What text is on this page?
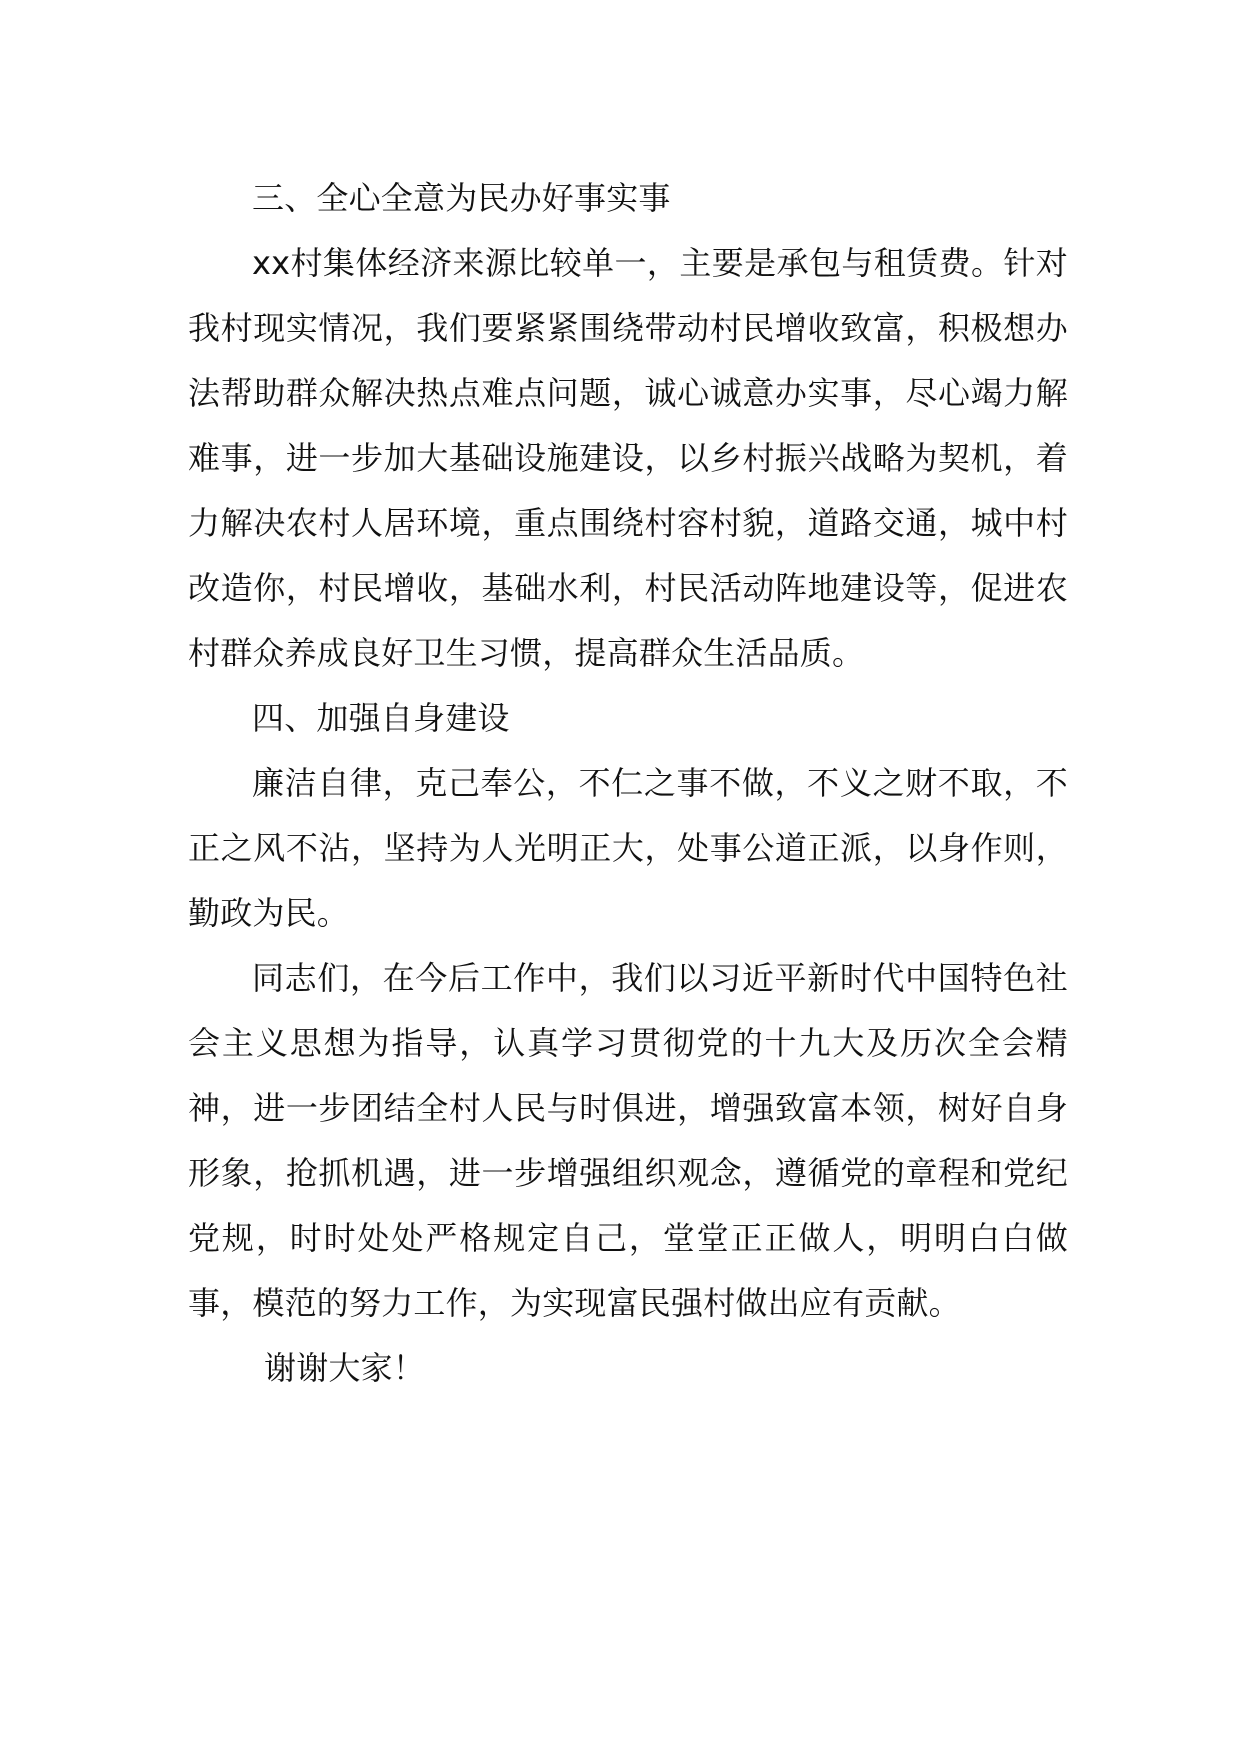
三、全心全意为民办好事实事

xx村集体经济来源比较单一，主要是承包与租赁费。针对我村现实情况，我们要紧紧围绕带动村民增收致富，积极想办法帮助群众解决热点难点问题，诚心诚意办实事，尽心竭力解难事，进一步加大基础设施建设，以乡村振兴战略为契机，着力解决农村人居环境，重点围绕村容村貌，道路交通，城中村改造你，村民增收，基础水利，村民活动阵地建设等，促进农村群众养成良好卫生习惯，提高群众生活品质。

四、加强自身建设

廉洁自律，克己奉公，不仁之事不做，不义之财不取，不正之风不沾，坚持为人光明正大，处事公道正派，以身作则，勤政为民。

同志们，在今后工作中，我们以习近平新时代中国特色社会主义思想为指导，认真学习贯彻党的十九大及历次全会精神，进一步团结全村人民与时俱进，增强致富本领，树好自身形象，抢抓机遇，进一步增强组织观念，遵循党的章程和党纪党规，时时处处严格规定自己，堂堂正正做人，明明白白做事，模范的努力工作，为实现富民强村做出应有贡献。

谢谢大家！
